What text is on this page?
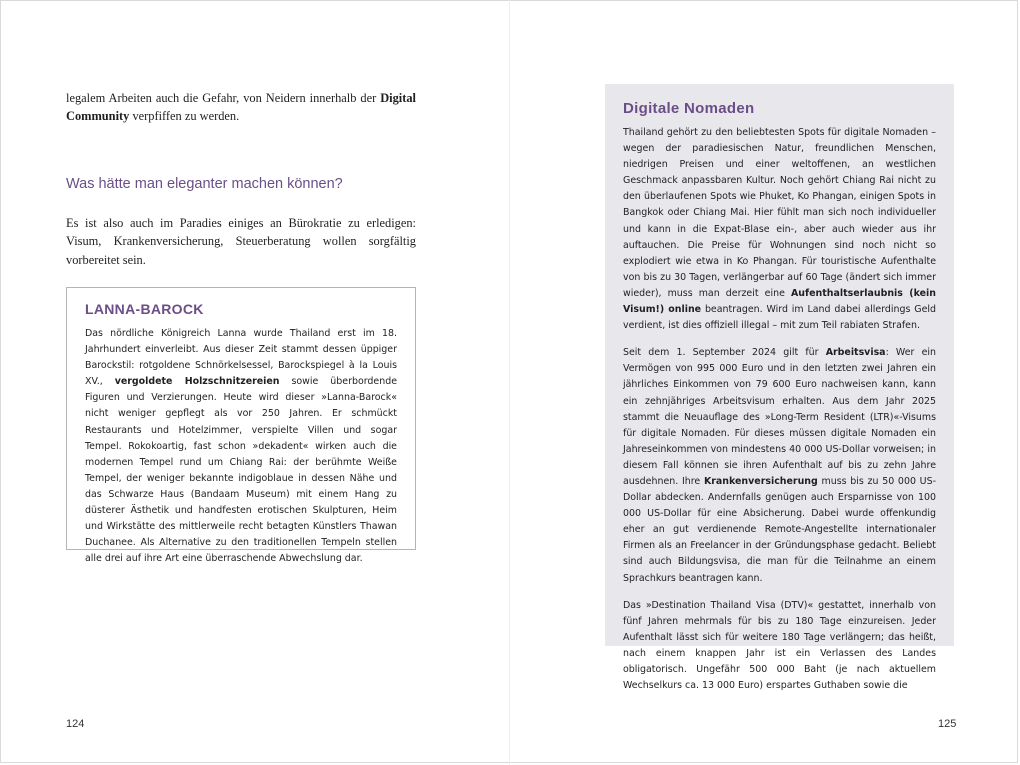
legalem Arbeiten auch die Gefahr, von Neidern innerhalb der Digital Community verpfiffen zu werden.

Was hätte man eleganter machen können?

Es ist also auch im Paradies einiges an Bürokratie zu erledigen: Visum, Krankenversicherung, Steuerberatung wollen sorgfältig vorbereitet sein.

LANNA-BAROCK

Das nördliche Königreich Lanna wurde Thailand erst im 18. Jahrhundert einverleibt. Aus dieser Zeit stammt dessen üppiger Barockstil: rotgoldene Schnörkelsessel, Barockspiegel à la Louis XV., vergoldete Holzschnitzereien sowie überbordende Figuren und Verzierungen. Heute wird dieser »Lanna-Barock« nicht weniger gepflegt als vor 250 Jahren. Er schmückt Restaurants und Hotelzimmer, verspielte Villen und sogar Tempel. Rokokoartig, fast schon »dekadent« wirken auch die modernen Tempel rund um Chiang Rai: der berühmte Weiße Tempel, der weniger bekannte indigoblaue in dessen Nähe und das Schwarze Haus (Bandaam Museum) mit einem Hang zu düsterer Ästhetik und handfesten erotischen Skulpturen, Heim und Wirkstätte des mittlerweile recht betagten Künstlers Thawan Duchanee. Als Alternative zu den traditionellen Tempeln stellen alle drei auf ihre Art eine überraschende Abwechslung dar.

124
Digitale Nomaden

Thailand gehört zu den beliebtesten Spots für digitale Nomaden – wegen der paradiesischen Natur, freundlichen Menschen, niedrigen Preisen und einer weltoffenen, an westlichen Geschmack anpassbaren Kultur. Noch gehört Chiang Rai nicht zu den überlaufenen Spots wie Phuket, Ko Phangan, einigen Spots in Bangkok oder Chiang Mai. Hier fühlt man sich noch individueller und kann in die Expat-Blase ein-, aber auch wieder aus ihr auftauchen. Die Preise für Wohnungen sind noch nicht so explodiert wie etwa in Ko Phangan. Für touristische Aufenthalte von bis zu 30 Tagen, verlängerbar auf 60 Tage (ändert sich immer wieder), muss man derzeit eine Aufenthaltserlaubnis (kein Visum!) online beantragen. Wird im Land dabei allerdings Geld verdient, ist dies offiziell illegal – mit zum Teil rabiaten Strafen.

Seit dem 1. September 2024 gilt für Arbeitsvisa: Wer ein Vermögen von 995 000 Euro und in den letzten zwei Jahren ein jährliches Einkommen von 79 600 Euro nachweisen kann, kann ein zehnjähriges Arbeitsvisum erhalten. Aus dem Jahr 2025 stammt die Neuauflage des »Long-Term Resident (LTR)«-Visums für digitale Nomaden. Für dieses müssen digitale Nomaden ein Jahreseinkommen von mindestens 40 000 US-Dollar vorweisen; in diesem Fall können sie ihren Aufenthalt auf bis zu zehn Jahre ausdehnen. Ihre Krankenversicherung muss bis zu 50 000 US-Dollar abdecken. Andernfalls genügen auch Ersparnisse von 100 000 US-Dollar für eine Absicherung. Dabei wurde offenkundig eher an gut verdienende Remote-Angestellte internationaler Firmen als an Freelancer in der Gründungsphase gedacht. Beliebt sind auch Bildungsvisa, die man für die Teilnahme an einem Sprachkurs beantragen kann.

Das »Destination Thailand Visa (DTV)« gestattet, innerhalb von fünf Jahren mehrmals für bis zu 180 Tage einzureisen. Jeder Aufenthalt lässt sich für weitere 180 Tage verlängern; das heißt, nach einem knappen Jahr ist ein Verlassen des Landes obligatorisch. Ungefähr 500 000 Baht (je nach aktuellem Wechselkurs ca. 13 000 Euro) erspartes Guthaben sowie die

125
